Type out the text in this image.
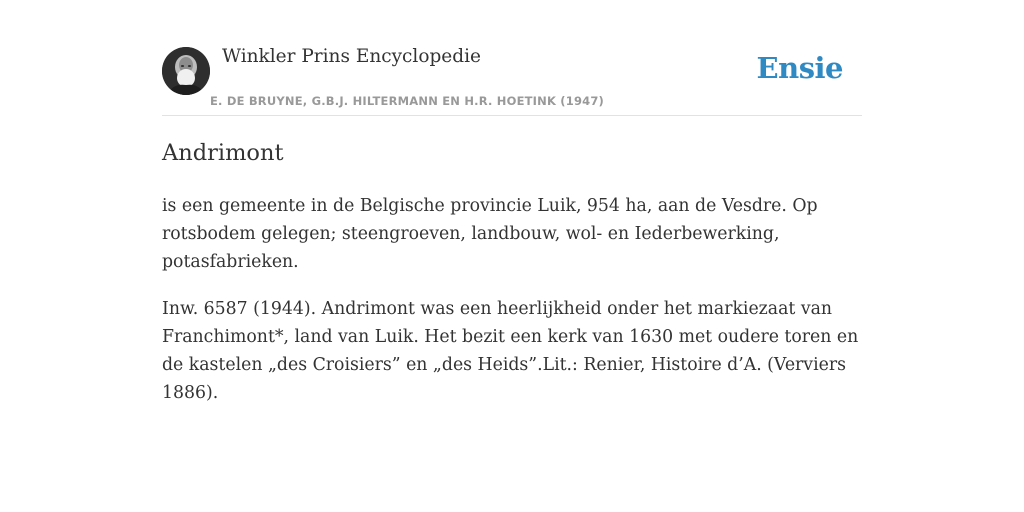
Winkler Prins Encyclopedie
E. DE BRUYNE, G.B.J. HILTERMANN EN H.R. HOETINK (1947)
Ensie
Andrimont

is een gemeente in de Belgische provincie Luik, 954 ha, aan de Vesdre. Op rotsbodem gelegen; steengroeven, landbouw, wol- en Iederbewerking, potasfabrieken.

Inw. 6587 (1944). Andrimont was een heerlijkheid onder het markiezaat van Franchimont*, land van Luik. Het bezit een kerk van 1630 met oudere toren en de kastelen „des Croisiers” en „des Heids”.Lit.: Renier, Histoire d’A. (Verviers 1886).
